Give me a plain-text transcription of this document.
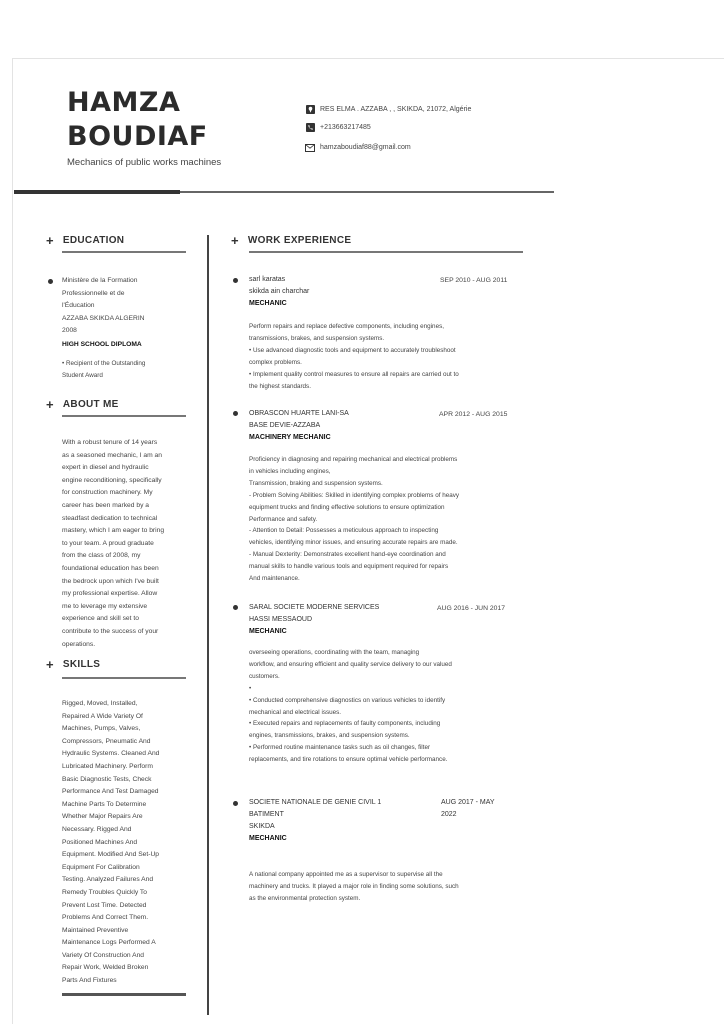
HAMZA
BOUDIAF
Mechanics of public works machines
RES ELMA . AZZABA , , SKIKDA, 21072, Algérie
+213663217485
hamzaboudiaf88@gmail.com
+ EDUCATION
Ministère de la Formation
Professionnelle et de
l'Éducation
AZZABA SKIKDA ALGERIN
2008
HIGH SCHOOL DIPLOMA
• Recipient of the Outstanding
Student Award
+ ABOUT ME
With a robust tenure of 14 years
as a seasoned mechanic, I am an
expert in diesel and hydraulic
engine reconditioning, specifically
for construction machinery. My
career has been marked by a
steadfast dedication to technical
mastery, which I am eager to bring
to your team. A proud graduate
from the class of 2008, my
foundational education has been
the bedrock upon which I've built
my professional expertise. Allow
me to leverage my extensive
experience and skill set to
contribute to the success of your
operations.
+ SKILLS
Rigged, Moved, Installed,
Repaired A Wide Variety Of
Machines, Pumps, Valves,
Compressors, Pneumatic And
Hydraulic Systems. Cleaned And
Lubricated Machinery. Perform
Basic Diagnostic Tests, Check
Performance And Test Damaged
Machine Parts To Determine
Whether Major Repairs Are
Necessary. Rigged And
Positioned Machines And
Equipment. Modified And Set-Up
Equipment For Calibration
Testing. Analyzed Failures And
Remedy Troubles Quickly To
Prevent Lost Time. Detected
Problems And Correct Them.
Maintained Preventive
Maintenance Logs Performed A
Variety Of Construction And
Repair Work, Welded Broken
Parts And Fixtures
+ WORK EXPERIENCE
sarl karatas
skikda ain charchar
MECHANIC
SEP 2010 - AUG 2011
Perform repairs and replace defective components, including engines,
transmissions, brakes, and suspension systems.
• Use advanced diagnostic tools and equipment to accurately troubleshoot
complex problems.
• Implement quality control measures to ensure all repairs are carried out to
the highest standards.
OBRASCON HUARTE LANI-SA
BASE DEVIE-AZZABA
MACHINERY MECHANIC
APR 2012 - AUG 2015
Proficiency in diagnosing and repairing mechanical and electrical problems
in vehicles including engines,
Transmission, braking and suspension systems.
- Problem Solving Abilities: Skilled in identifying complex problems of heavy
equipment trucks and finding effective solutions to ensure optimization
Performance and safety.
- Attention to Detail: Possesses a meticulous approach to inspecting
vehicles, identifying minor issues, and ensuring accurate repairs are made.
- Manual Dexterity: Demonstrates excellent hand-eye coordination and
manual skills to handle various tools and equipment required for repairs
And maintenance.
SARAL SOCIETE MODERNE SERVICES
HASSI MESSAOUD
MECHANIC
AUG 2016 - JUN 2017
overseeing operations, coordinating with the team, managing
workflow, and ensuring efficient and quality service delivery to our valued
customers.
•
• Conducted comprehensive diagnostics on various vehicles to identify
mechanical and electrical issues.
• Executed repairs and replacements of faulty components, including
engines, transmissions, brakes, and suspension systems.
• Performed routine maintenance tasks such as oil changes, filter
replacements, and tire rotations to ensure optimal vehicle performance.
SOCIETE NATIONALE DE GENIE CIVIL 1
BATIMENT
SKIKDA
MECHANIC
AUG 2017 - MAY
2022
A national company appointed me as a supervisor to supervise all the
machinery and trucks. It played a major role in finding some solutions, such
as the environmental protection system.
